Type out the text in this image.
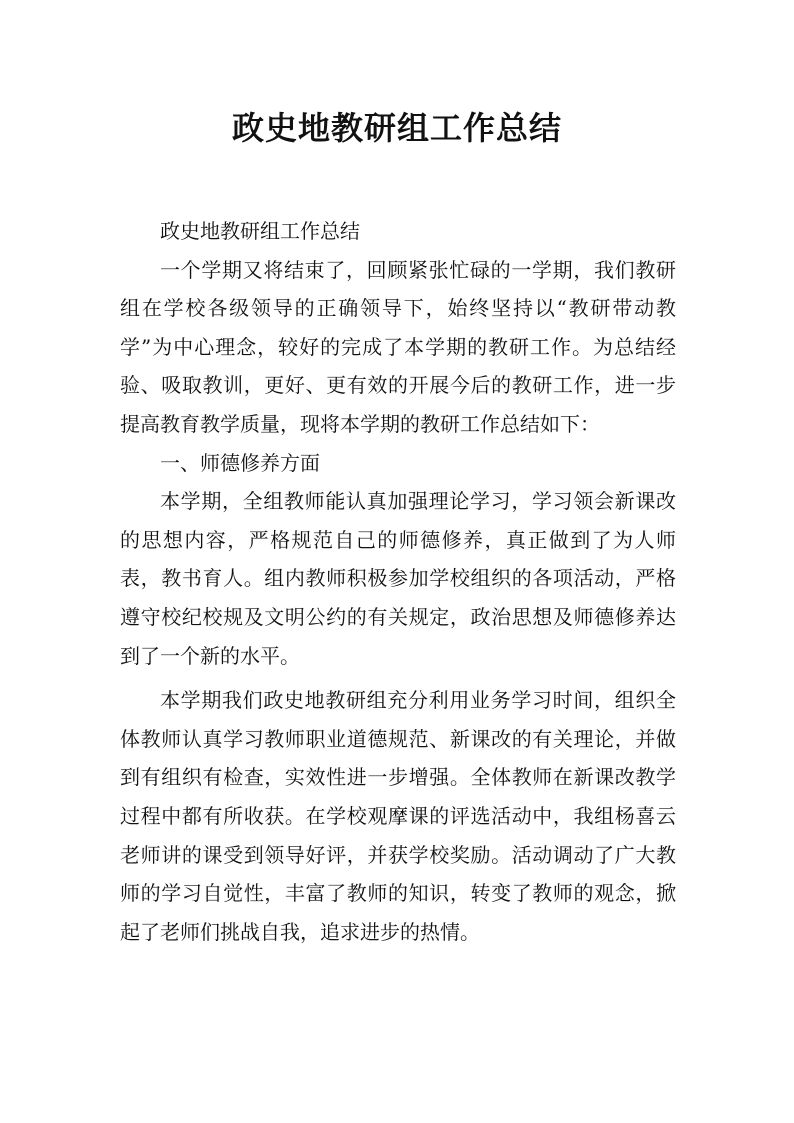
政史地教研组工作总结

政史地教研组工作总结

一个学期又将结束了，回顾紧张忙碌的一学期，我们教研组在学校各级领导的正确领导下，始终坚持以“教研带动教学”为中心理念，较好的完成了本学期的教研工作。为总结经验、吸取教训，更好、更有效的开展今后的教研工作，进一步提高教育教学质量，现将本学期的教研工作总结如下：

一、师德修养方面

本学期，全组教师能认真加强理论学习，学习领会新课改的思想内容，严格规范自己的师德修养，真正做到了为人师表，教书育人。组内教师积极参加学校组织的各项活动，严格遵守校纪校规及文明公约的有关规定，政治思想及师德修养达到了一个新的水平。

本学期我们政史地教研组充分利用业务学习时间，组织全体教师认真学习教师职业道德规范、新课改的有关理论，并做到有组织有检查，实效性进一步增强。全体教师在新课改教学过程中都有所收获。在学校观摩课的评选活动中，我组杨喜云老师讲的课受到领导好评，并获学校奖励。活动调动了广大教师的学习自觉性，丰富了教师的知识，转变了教师的观念，掀起了老师们挑战自我，追求进步的热情。
